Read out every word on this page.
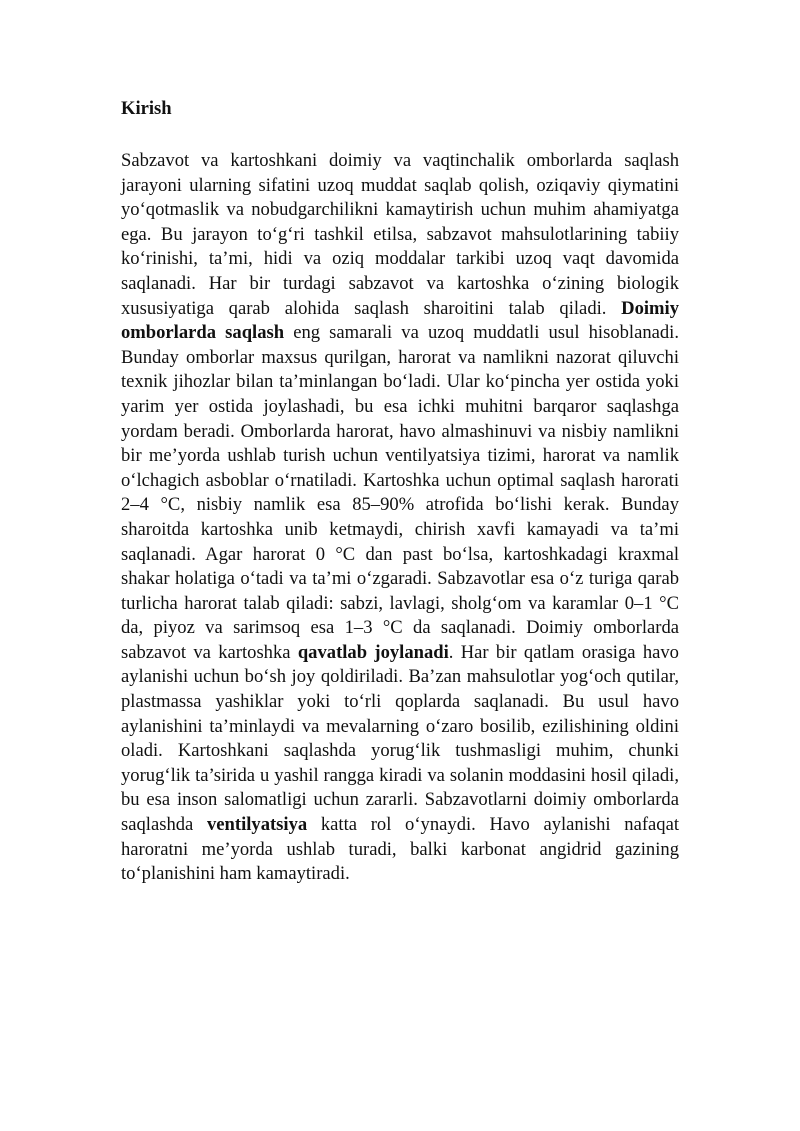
Kirish

Sabzavot va kartoshkani doimiy va vaqtinchalik omborlarda saqlash jarayoni ularning sifatini uzoq muddat saqlab qolish, oziqaviy qiymatini yo‘qotmaslik va nobudgarchilikni kamaytirish uchun muhim ahamiyatga ega. Bu jarayon to‘g‘ri tashkil etilsa, sabzavot mahsulotlarining tabiiy ko‘rinishi, ta’mi, hidi va oziq moddalar tarkibi uzoq vaqt davomida saqlanadi. Har bir turdagi sabzavot va kartoshka o‘zining biologik xususiyatiga qarab alohida saqlash sharoitini talab qiladi. Doimiy omborlarda saqlash eng samarali va uzoq muddatli usul hisoblanadi. Bunday omborlar maxsus qurilgan, harorat va namlikni nazorat qiluvchi texnik jihozlar bilan ta’minlangan bo‘ladi. Ular ko‘pincha yer ostida yoki yarim yer ostida joylashadi, bu esa ichki muhitni barqaror saqlashga yordam beradi. Omborlarda harorat, havo almashinuvi va nisbiy namlikni bir me’yorda ushlab turish uchun ventilyatsiya tizimi, harorat va namlik o‘lchagich asboblar o‘rnatiladi. Kartoshka uchun optimal saqlash harorati 2–4 °C, nisbiy namlik esa 85–90% atrofida bo‘lishi kerak. Bunday sharoitda kartoshka unib ketmaydi, chirish xavfi kamayadi va ta’mi saqlanadi. Agar harorat 0 °C dan past bo‘lsa, kartoshkadagi kraxmal shakar holatiga o‘tadi va ta’mi o‘zgaradi. Sabzavotlar esa o‘z turiga qarab turlicha harorat talab qiladi: sabzi, lavlagi, sholg‘om va karamlar 0–1 °C da, piyoz va sarimsoq esa 1–3 °C da saqlanadi. Doimiy omborlarda sabzavot va kartoshka qavatlab joylanadi. Har bir qatlam orasiga havo aylanishi uchun bo‘sh joy qoldiriladi. Ba’zan mahsulotlar yog‘och qutilar, plastmassa yashiklar yoki to‘rli qoplarda saqlanadi. Bu usul havo aylanishini ta’minlaydi va mevalarning o‘zaro bosilib, ezilishining oldini oladi. Kartoshkani saqlashda yorug‘lik tushmasligi muhim, chunki yorug‘lik ta’sirida u yashil rangga kiradi va solanin moddasini hosil qiladi, bu esa inson salomatligi uchun zararli. Sabzavotlarni doimiy omborlarda saqlashda ventilyatsiya katta rol o‘ynaydi. Havo aylanishi nafaqat haroratni me’yorda ushlab turadi, balki karbonat angidrid gazining to‘planishini ham kamaytiradi.
